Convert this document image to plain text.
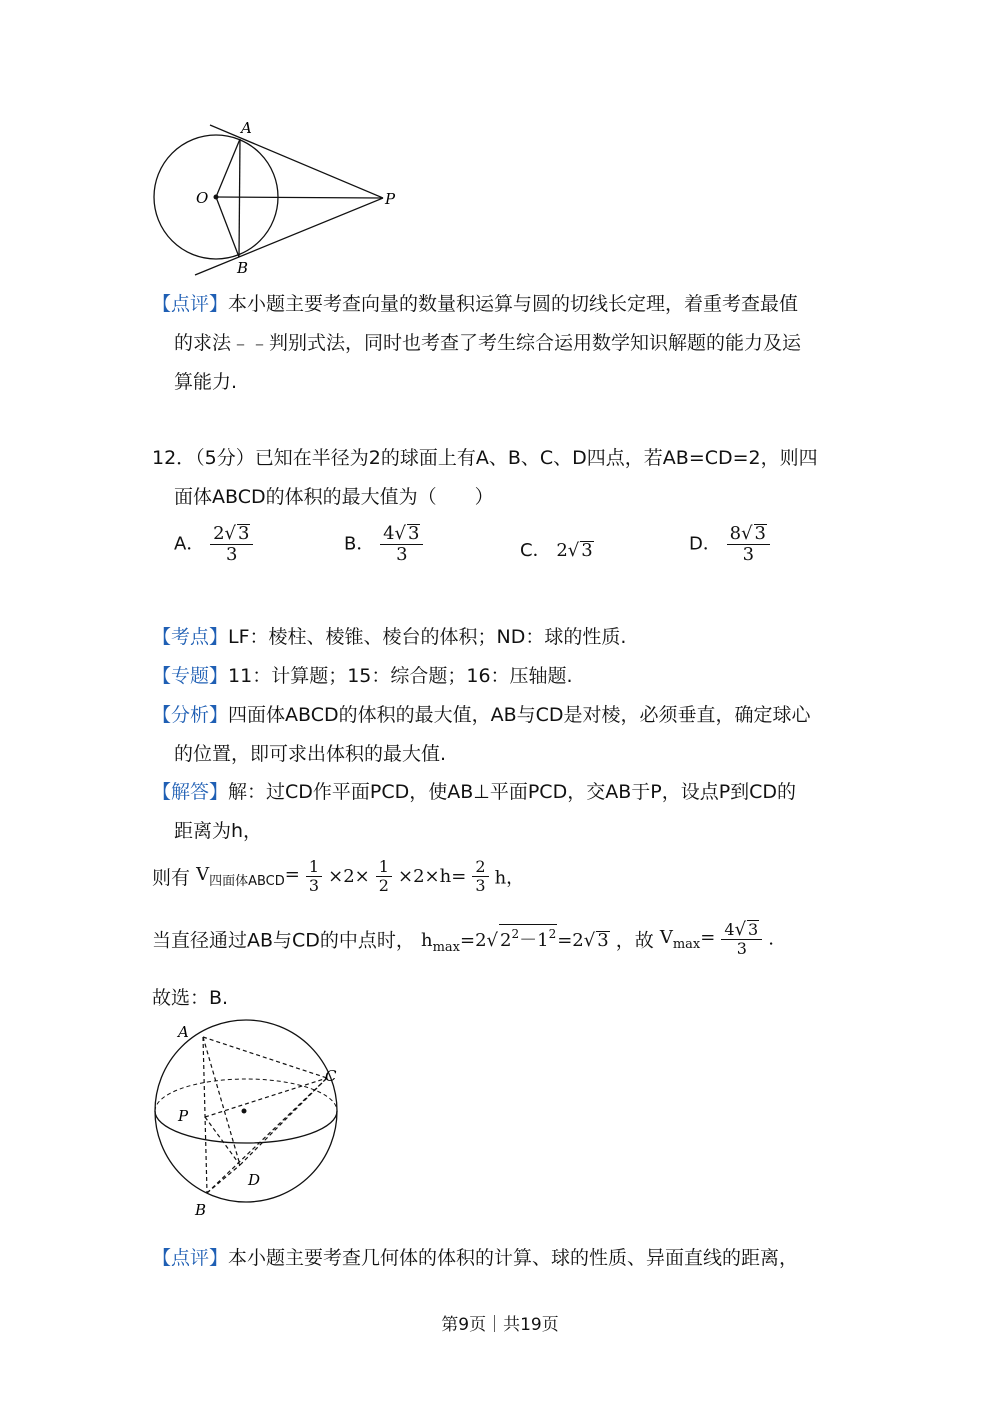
A
O	P
B
【点评】本小题主要考查向量的数量积运算与圆的切线长定理，着重考查最值
的求法﹣﹣判别式法，同时也考查了考生综合运用数学知识解题的能力及运
算能力.
12．（5分）已知在半径为2的球面上有A、B、C、D四点，若AB=CD=2，则四
面体ABCD的体积的最大值为（　　）
A． $\frac{2√ 3}{3}$	B． $\frac{4√ 3}{3}$	C． 2√ 3	D． $\frac{8√ 3}{3}$
【考点】LF：棱柱、棱锥、棱台的体积；ND：球的性质.
【专题】11：计算题；15：综合题；16：压轴题.
【分析】四面体ABCD的体积的最大值，AB与CD是对棱，必须垂直，确定球心
的位置，即可求出体积的最大值.
【解答】解：过CD作平面PCD，使AB⊥平面PCD，交AB于P，设点P到CD的
距离为h，
则有 $V_{四面体ABCD}= \frac{1}{3} \times 2\times \frac{1}{2} \times 2\times h= \frac{2}{3}$ h，
当直径通过AB与CD的中点时， $h_{max}=2√$ $2^2-1^2=2√$ 3 ，故 $V_{max}= \frac{4√ 3}{3}$ .
故选：B.
A
C
P
D
B
【点评】本小题主要考查几何体的体积的计算、球的性质、异面直线的距离，
第9页｜共19页
